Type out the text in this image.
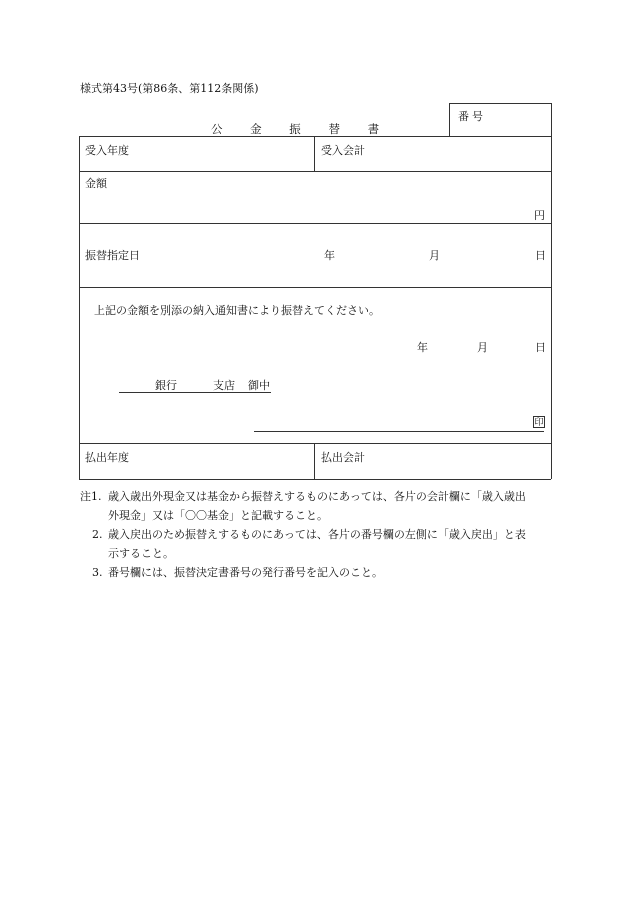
様式第43号(第86条、第112条関係)
番号
公 金 振 替 書
受入年度	受入会計
金額
円
振替指定日	年	月	日
上記の金額を別添の納入通知書により振替えてください。
年	月	日
銀行	支店 御中
印
払出年度	払出会計
注1. 歳入歳出外現金又は基金から振替えするものにあっては、各片の会計欄に「歳入歳出
外現金」又は「〇〇基金」と記載すること。
2. 歳入戻出のため振替えするものにあっては、各片の番号欄の左側に「歳入戻出」と表
示すること。
3. 番号欄には、振替決定書番号の発行番号を記入のこと。
